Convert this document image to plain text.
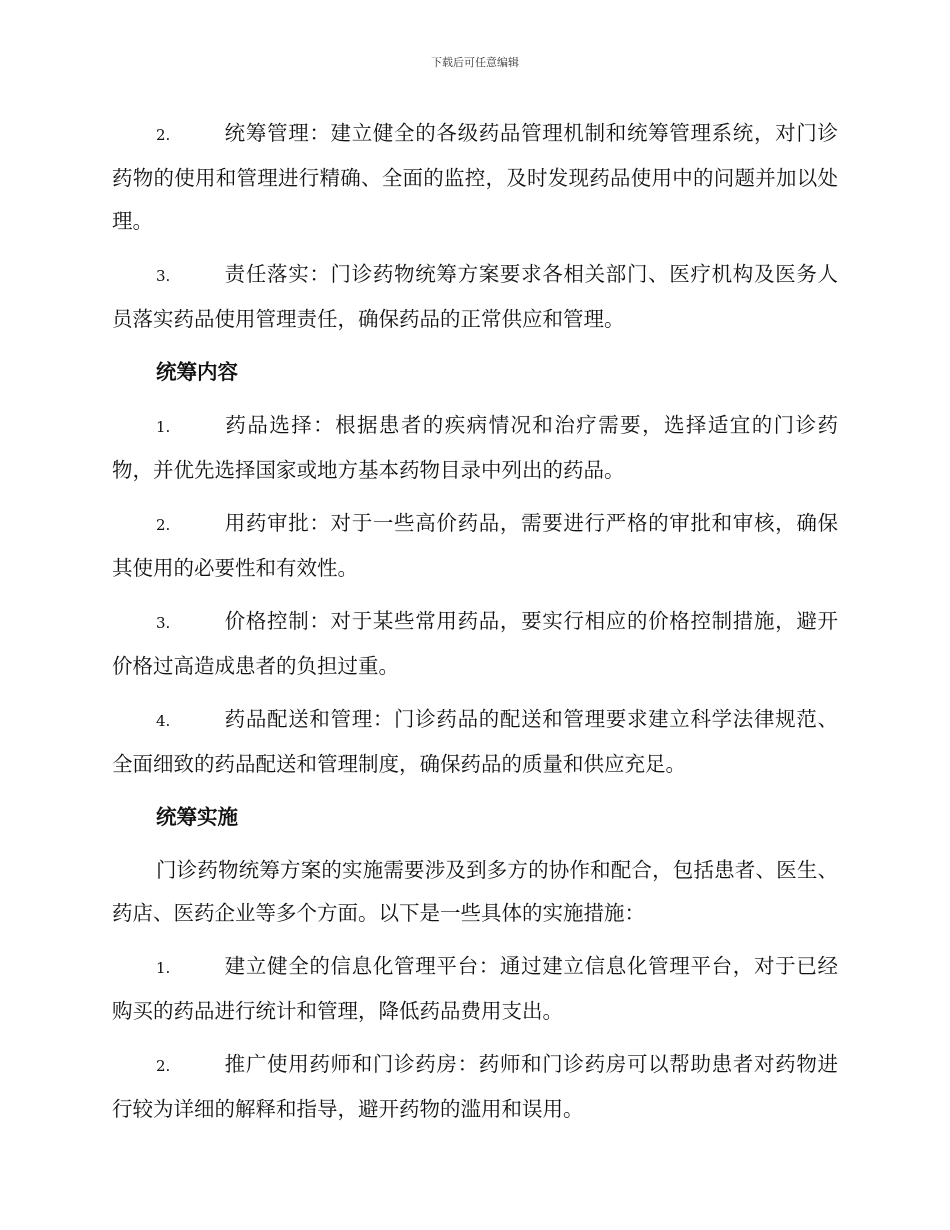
下载后可任意编辑

2.	统筹管理：建立健全的各级药品管理机制和统筹管理系统，对门诊药物的使用和管理进行精确、全面的监控，及时发现药品使用中的问题并加以处理。

3.	责任落实：门诊药物统筹方案要求各相关部门、医疗机构及医务人员落实药品使用管理责任，确保药品的正常供应和管理。

统筹内容

1.	药品选择：根据患者的疾病情况和治疗需要，选择适宜的门诊药物，并优先选择国家或地方基本药物目录中列出的药品。

2.	用药审批：对于一些高价药品，需要进行严格的审批和审核，确保其使用的必要性和有效性。

3.	价格控制：对于某些常用药品，要实行相应的价格控制措施，避开价格过高造成患者的负担过重。

4.	药品配送和管理：门诊药品的配送和管理要求建立科学法律规范、全面细致的药品配送和管理制度，确保药品的质量和供应充足。

统筹实施

门诊药物统筹方案的实施需要涉及到多方的协作和配合，包括患者、医生、药店、医药企业等多个方面。以下是一些具体的实施措施：

1.	建立健全的信息化管理平台：通过建立信息化管理平台，对于已经购买的药品进行统计和管理，降低药品费用支出。

2.	推广使用药师和门诊药房：药师和门诊药房可以帮助患者对药物进行较为详细的解释和指导，避开药物的滥用和误用。
